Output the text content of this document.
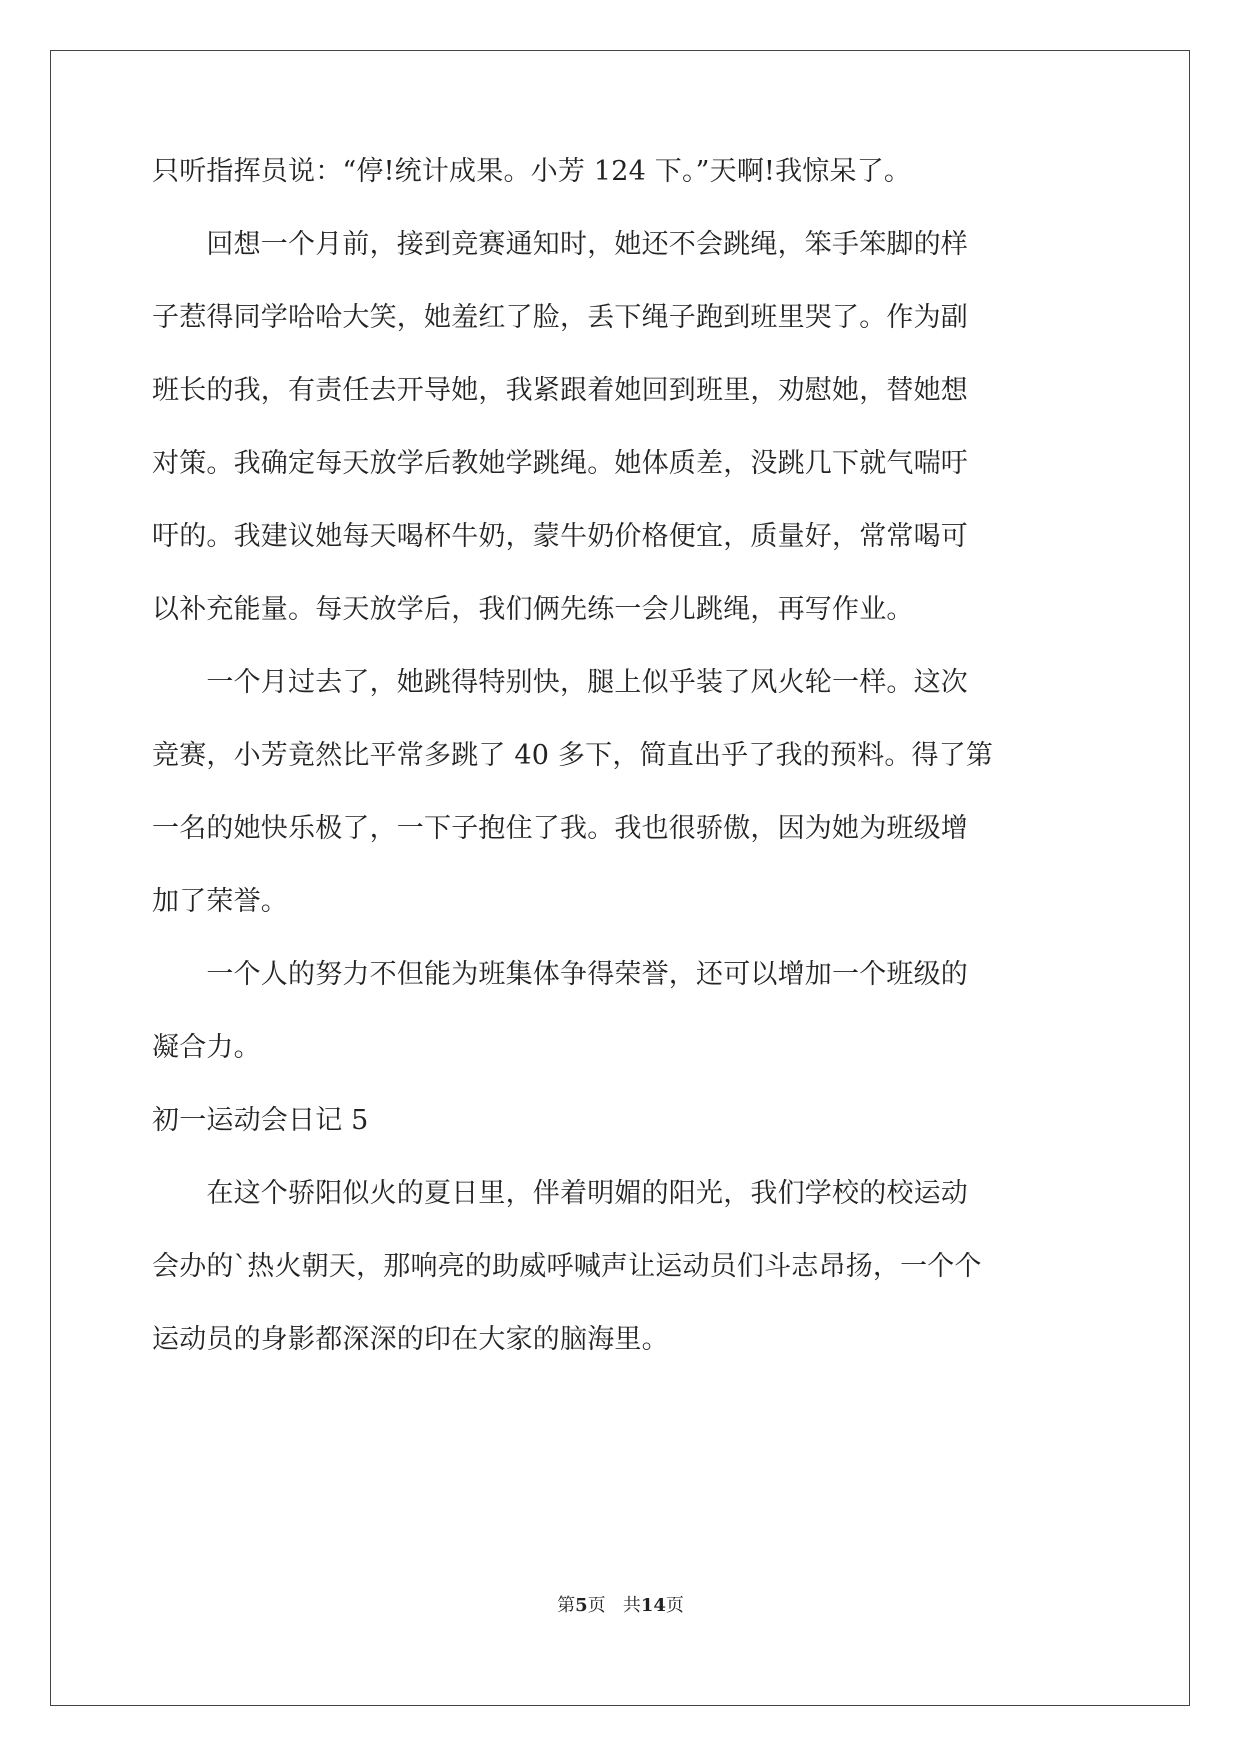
只听指挥员说：“停!统计成果。小芳 124 下。”天啊!我惊呆了。
　　回想一个月前，接到竞赛通知时，她还不会跳绳，笨手笨脚的样
子惹得同学哈哈大笑，她羞红了脸，丢下绳子跑到班里哭了。作为副
班长的我，有责任去开导她，我紧跟着她回到班里，劝慰她，替她想
对策。我确定每天放学后教她学跳绳。她体质差，没跳几下就气喘吁
吁的。我建议她每天喝杯牛奶，蒙牛奶价格便宜，质量好，常常喝可
以补充能量。每天放学后，我们俩先练一会儿跳绳，再写作业。
　　一个月过去了，她跳得特别快，腿上似乎装了风火轮一样。这次
竞赛，小芳竟然比平常多跳了 40 多下，简直出乎了我的预料。得了第
一名的她快乐极了，一下子抱住了我。我也很骄傲，因为她为班级增
加了荣誉。
　　一个人的努力不但能为班集体争得荣誉，还可以增加一个班级的
凝合力。
初一运动会日记 5
　　在这个骄阳似火的夏日里，伴着明媚的阳光，我们学校的校运动
会办的`热火朝天，那响亮的助威呼喊声让运动员们斗志昂扬，一个个
运动员的身影都深深的印在大家的脑海里。
第5页 共14页
